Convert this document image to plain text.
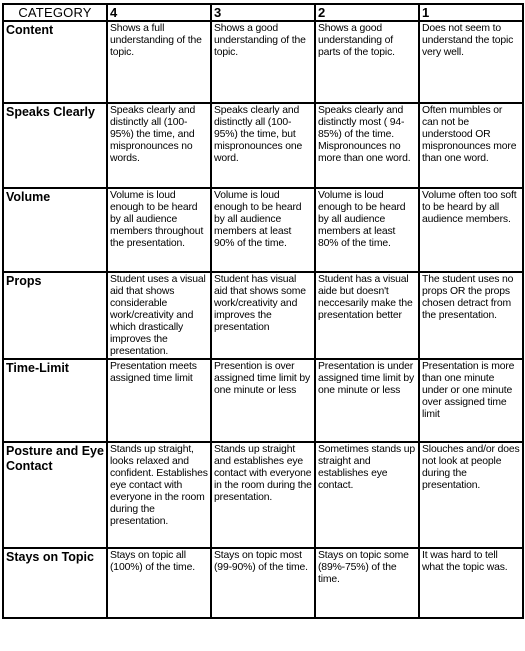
CATEGORY	4	3	2	1
Content	Shows a full understanding of the topic.	Shows a good understanding of the topic.	Shows a good understanding of parts of the topic.	Does not seem to understand the topic very well.
Speaks Clearly	Speaks clearly and distinctly all (100-95%) the time, and mispronounces no words.	Speaks clearly and distinctly all (100-95%) the time, but mispronounces one word.	Speaks clearly and distinctly most ( 94-85%) of the time. Mispronounces no more than one word.	Often mumbles or can not be understood OR mispronounces more than one word.
Volume	Volume is loud enough to be heard by all audience members throughout the presentation.	Volume is loud enough to be heard by all audience members at least 90% of the time.	Volume is loud enough to be heard by all audience members at least 80% of the time.	Volume often too soft to be heard by all audience members.
Props	Student uses a visual aid that shows considerable work/creativity and which drastically improves the presentation.	Student has visual aid that shows some work/creativity and improves the presentation	Student has a visual aide but doesn't neccesarily make the presentation better	The student uses no props OR the props chosen detract from the presentation.
Time-Limit	Presentation meets assigned time limit	Presention is over assigned time limit by one minute or less	Presentation is under assigned time limit by one minute or less	Presentation is more than one minute under or one minute over assigned time limit
Posture and Eye Contact	Stands up straight, looks relaxed and confident. Establishes eye contact with everyone in the room during the presentation.	Stands up straight and establishes eye contact with everyone in the room during the presentation.	Sometimes stands up straight and establishes eye contact.	Slouches and/or does not look at people during the presentation.
Stays on Topic	Stays on topic all (100%) of the time.	Stays on topic most (99-90%) of the time.	Stays on topic some (89%-75%) of the time.	It was hard to tell what the topic was.
